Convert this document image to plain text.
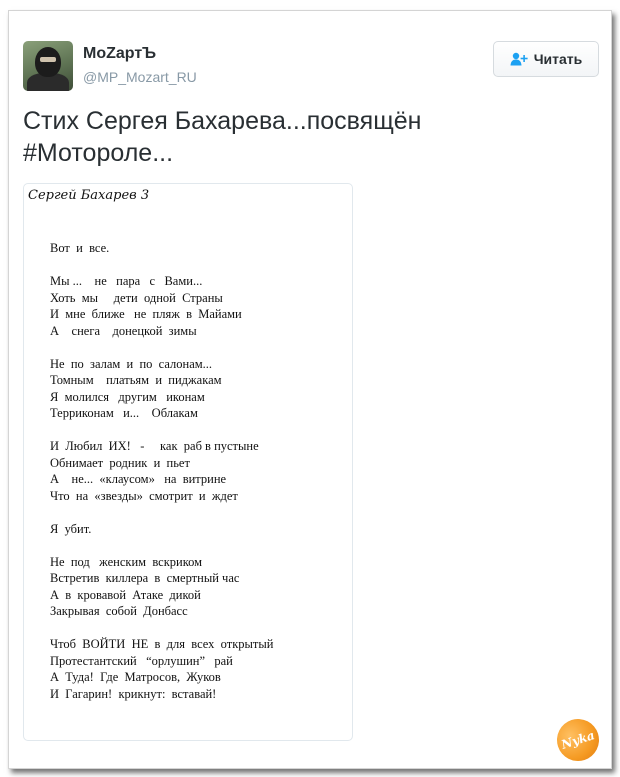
MoZартЪ
@MP_Mozart_RU
Читать
Стих Сергея Бахарева...посвящён
#Мотороле...
Сергей Бахарев 3
Вот  и  все.
Мы ...    не   пара   с   Вами...
Хоть  мы     дети  одной  Страны
И  мне  ближе   не  пляж  в  Майами
А    снега    донецкой  зимы
Не  по  залам  и  по  салонам...
Томным    платьям  и  пиджакам
Я  молился   другим   иконам
Терриконам   и...    Облакам
И  Любил  ИХ!   -     как  раб в пустыне
Обнимает  родник  и  пьет
А    не...  «клаусом»   на  витрине
Что  на  «звезды»  смотрит  и  ждет
Я  убит.
Не  под   женским  вскриком
Встретив  киллера  в  смертный час
А  в  кровавой  Атаке  дикой
Закрывая  собой  Донбасс
Чтоб  ВОЙТИ  НЕ  в  для  всех  открытый
Протестантский   “орлушин”   рай
А  Туда!  Где  Матросов,  Жуков
И  Гагарин!  крикнут:  вставай!
Nyka
